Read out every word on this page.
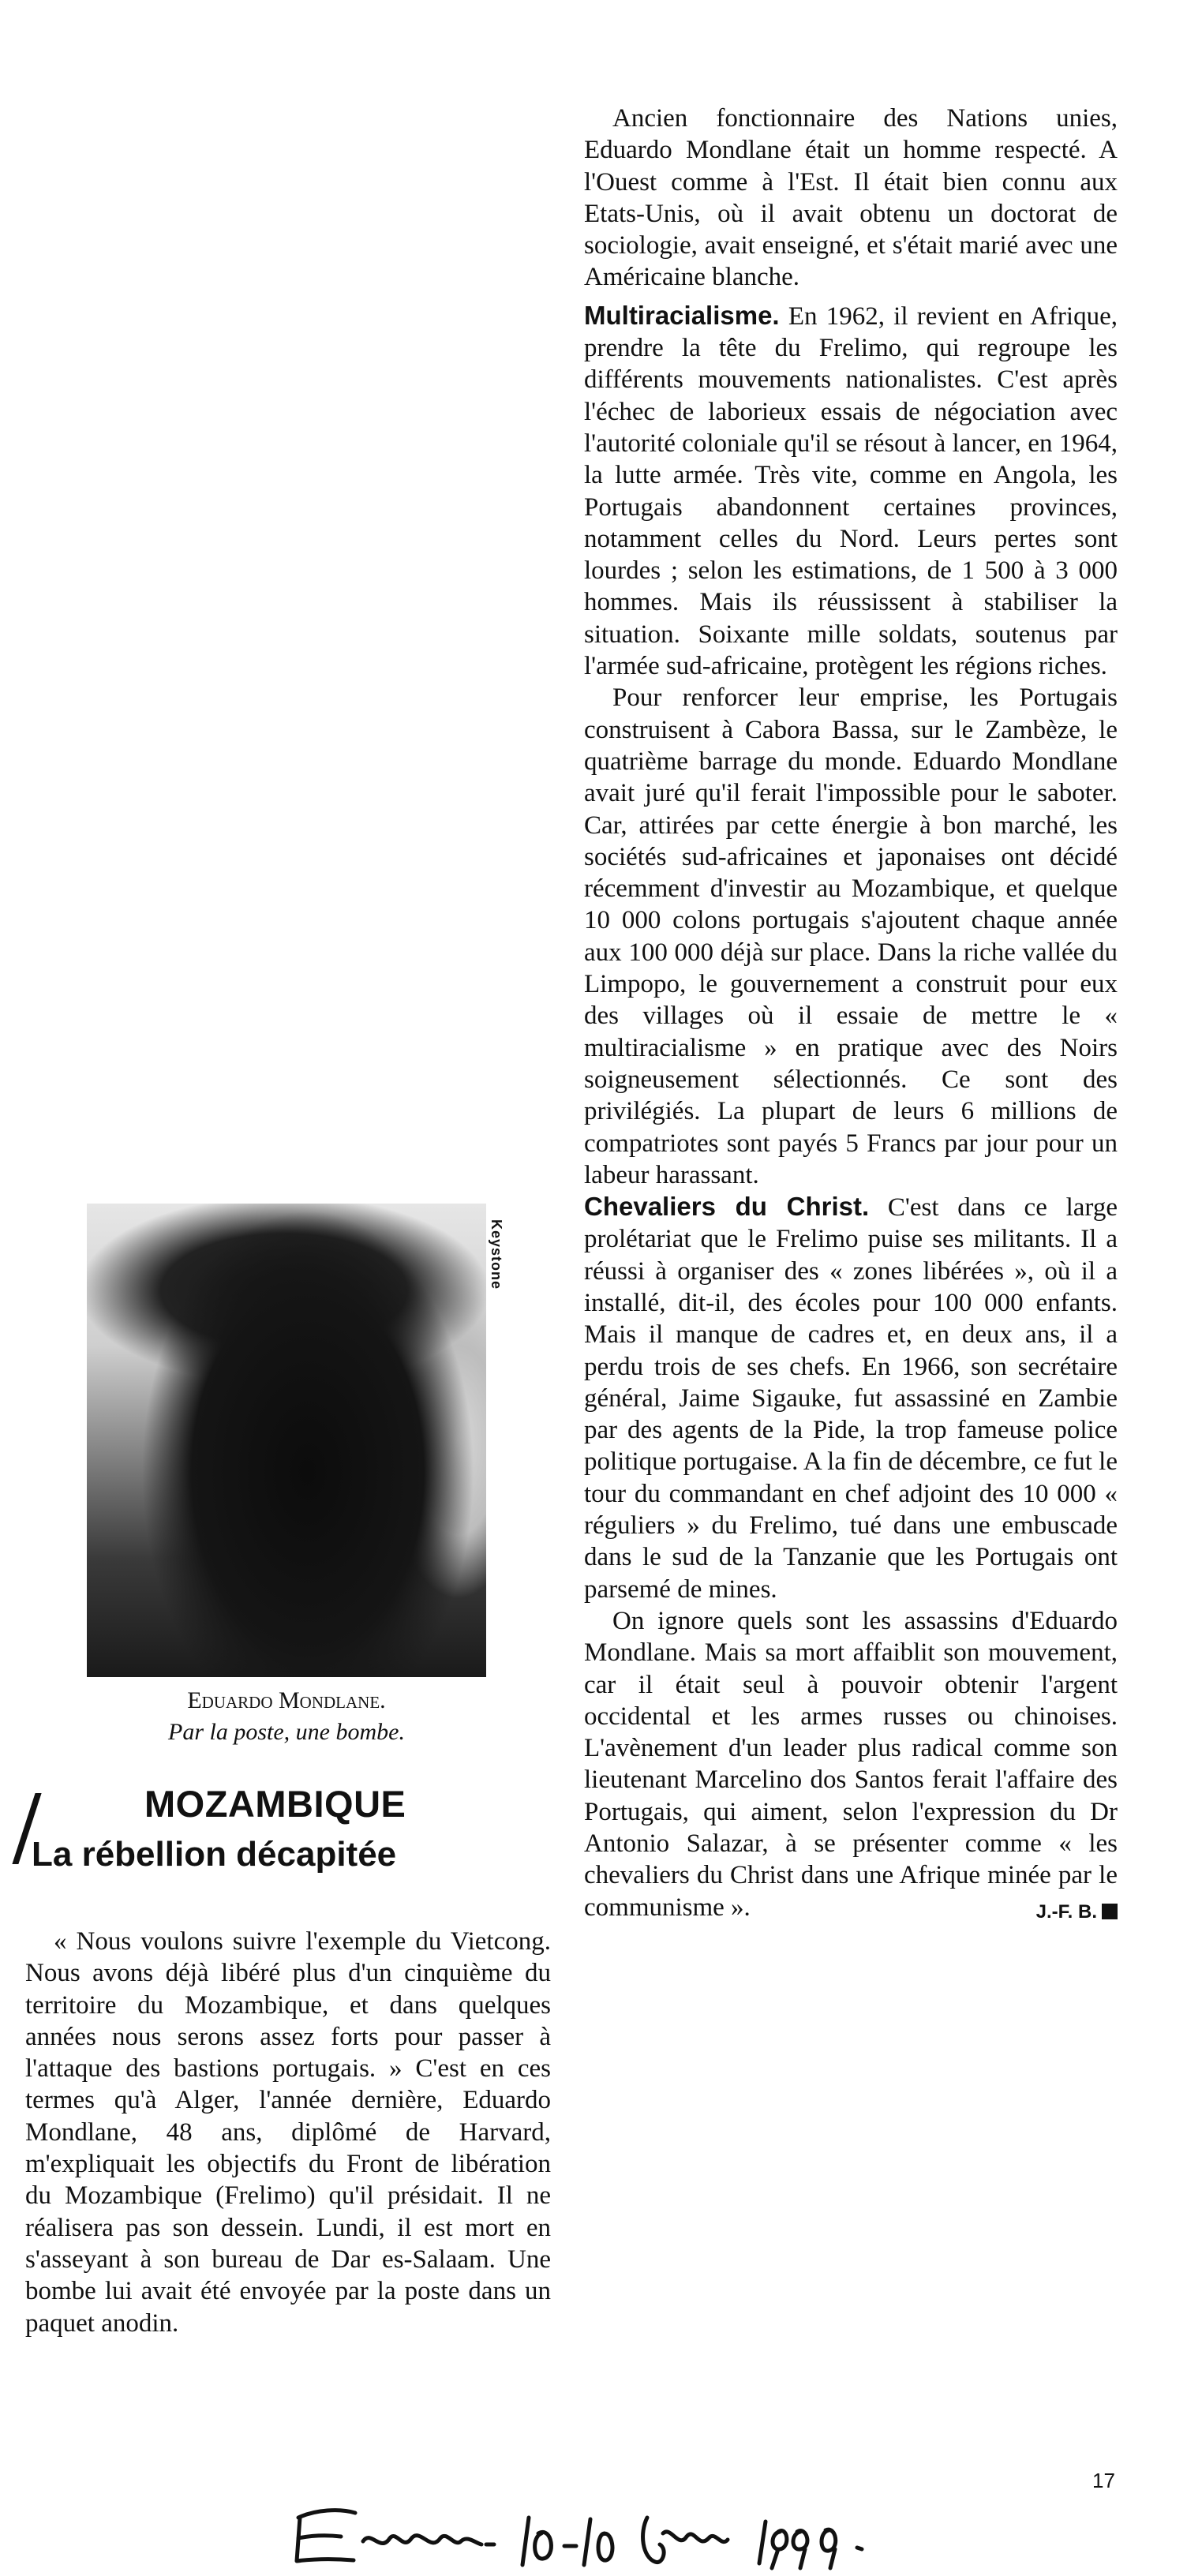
Ancien fonctionnaire des Nations unies, Eduardo Mondlane était un homme respecté. A l'Ouest comme à l'Est. Il était bien connu aux Etats-Unis, où il avait obtenu un doctorat de sociologie, avait enseigné, et s'était marié avec une Américaine blanche.

Multiracialisme. En 1962, il revient en Afrique, prendre la tête du Frelimo, qui regroupe les différents mouvements nationalistes. C'est après l'échec de laborieux essais de négociation avec l'autorité coloniale qu'il se résout à lancer, en 1964, la lutte armée. Très vite, comme en Angola, les Portugais abandonnent certaines provinces, notamment celles du Nord. Leurs pertes sont lourdes ; selon les estimations, de 1 500 à 3 000 hommes. Mais ils réussissent à stabiliser la situation. Soixante mille soldats, soutenus par l'armée sud-africaine, protègent les régions riches.

Pour renforcer leur emprise, les Portugais construisent à Cabora Bassa, sur le Zambèze, le quatrième barrage du monde. Eduardo Mondlane avait juré qu'il ferait l'impossible pour le saboter. Car, attirées par cette énergie à bon marché, les sociétés sud-africaines et japonaises ont décidé récemment d'investir au Mozambique, et quelque 10 000 colons portugais s'ajoutent chaque année aux 100 000 déjà sur place. Dans la riche vallée du Limpopo, le gouvernement a construit pour eux des villages où il essaie de mettre le « multiracialisme » en pratique avec des Noirs soigneusement sélectionnés. Ce sont des privilégiés. La plupart de leurs 6 millions de compatriotes sont payés 5 Francs par jour pour un labeur harassant.

Chevaliers du Christ. C'est dans ce large prolétariat que le Frelimo puise ses militants. Il a réussi à organiser des « zones libérées », où il a installé, dit-il, des écoles pour 100 000 enfants. Mais il manque de cadres et, en deux ans, il a perdu trois de ses chefs. En 1966, son secrétaire général, Jaime Sigauke, fut assassiné en Zambie par des agents de la Pide, la trop fameuse police politique portugaise. A la fin de décembre, ce fut le tour du commandant en chef adjoint des 10 000 « réguliers » du Frelimo, tué dans une embuscade dans le sud de la Tanzanie que les Portugais ont parsemé de mines.

On ignore quels sont les assassins d'Eduardo Mondlane. Mais sa mort affaiblit son mouvement, car il était seul à pouvoir obtenir l'argent occidental et les armes russes ou chinoises. L'avènement d'un leader plus radical comme son lieutenant Marcelino dos Santos ferait l'affaire des Portugais, qui aiment, selon l'expression du Dr Antonio Salazar, à se présenter comme « les chevaliers du Christ dans une Afrique minée par le communisme ».	J.-F. B.

Keystone
Eduardo Mondlane.
Par la poste, une bombe.
MOZAMBIQUE
La rébellion décapitée

« Nous voulons suivre l'exemple du Vietcong. Nous avons déjà libéré plus d'un cinquième du territoire du Mozambique, et dans quelques années nous serons assez forts pour passer à l'attaque des bastions portugais. » C'est en ces termes qu'à Alger, l'année dernière, Eduardo Mondlane, 48 ans, diplômé de Harvard, m'expliquait les objectifs du Front de libération du Mozambique (Frelimo) qu'il présidait. Il ne réalisera pas son dessein. Lundi, il est mort en s'asseyant à son bureau de Dar es-Salaam. Une bombe lui avait été envoyée par la poste dans un paquet anodin.

17
